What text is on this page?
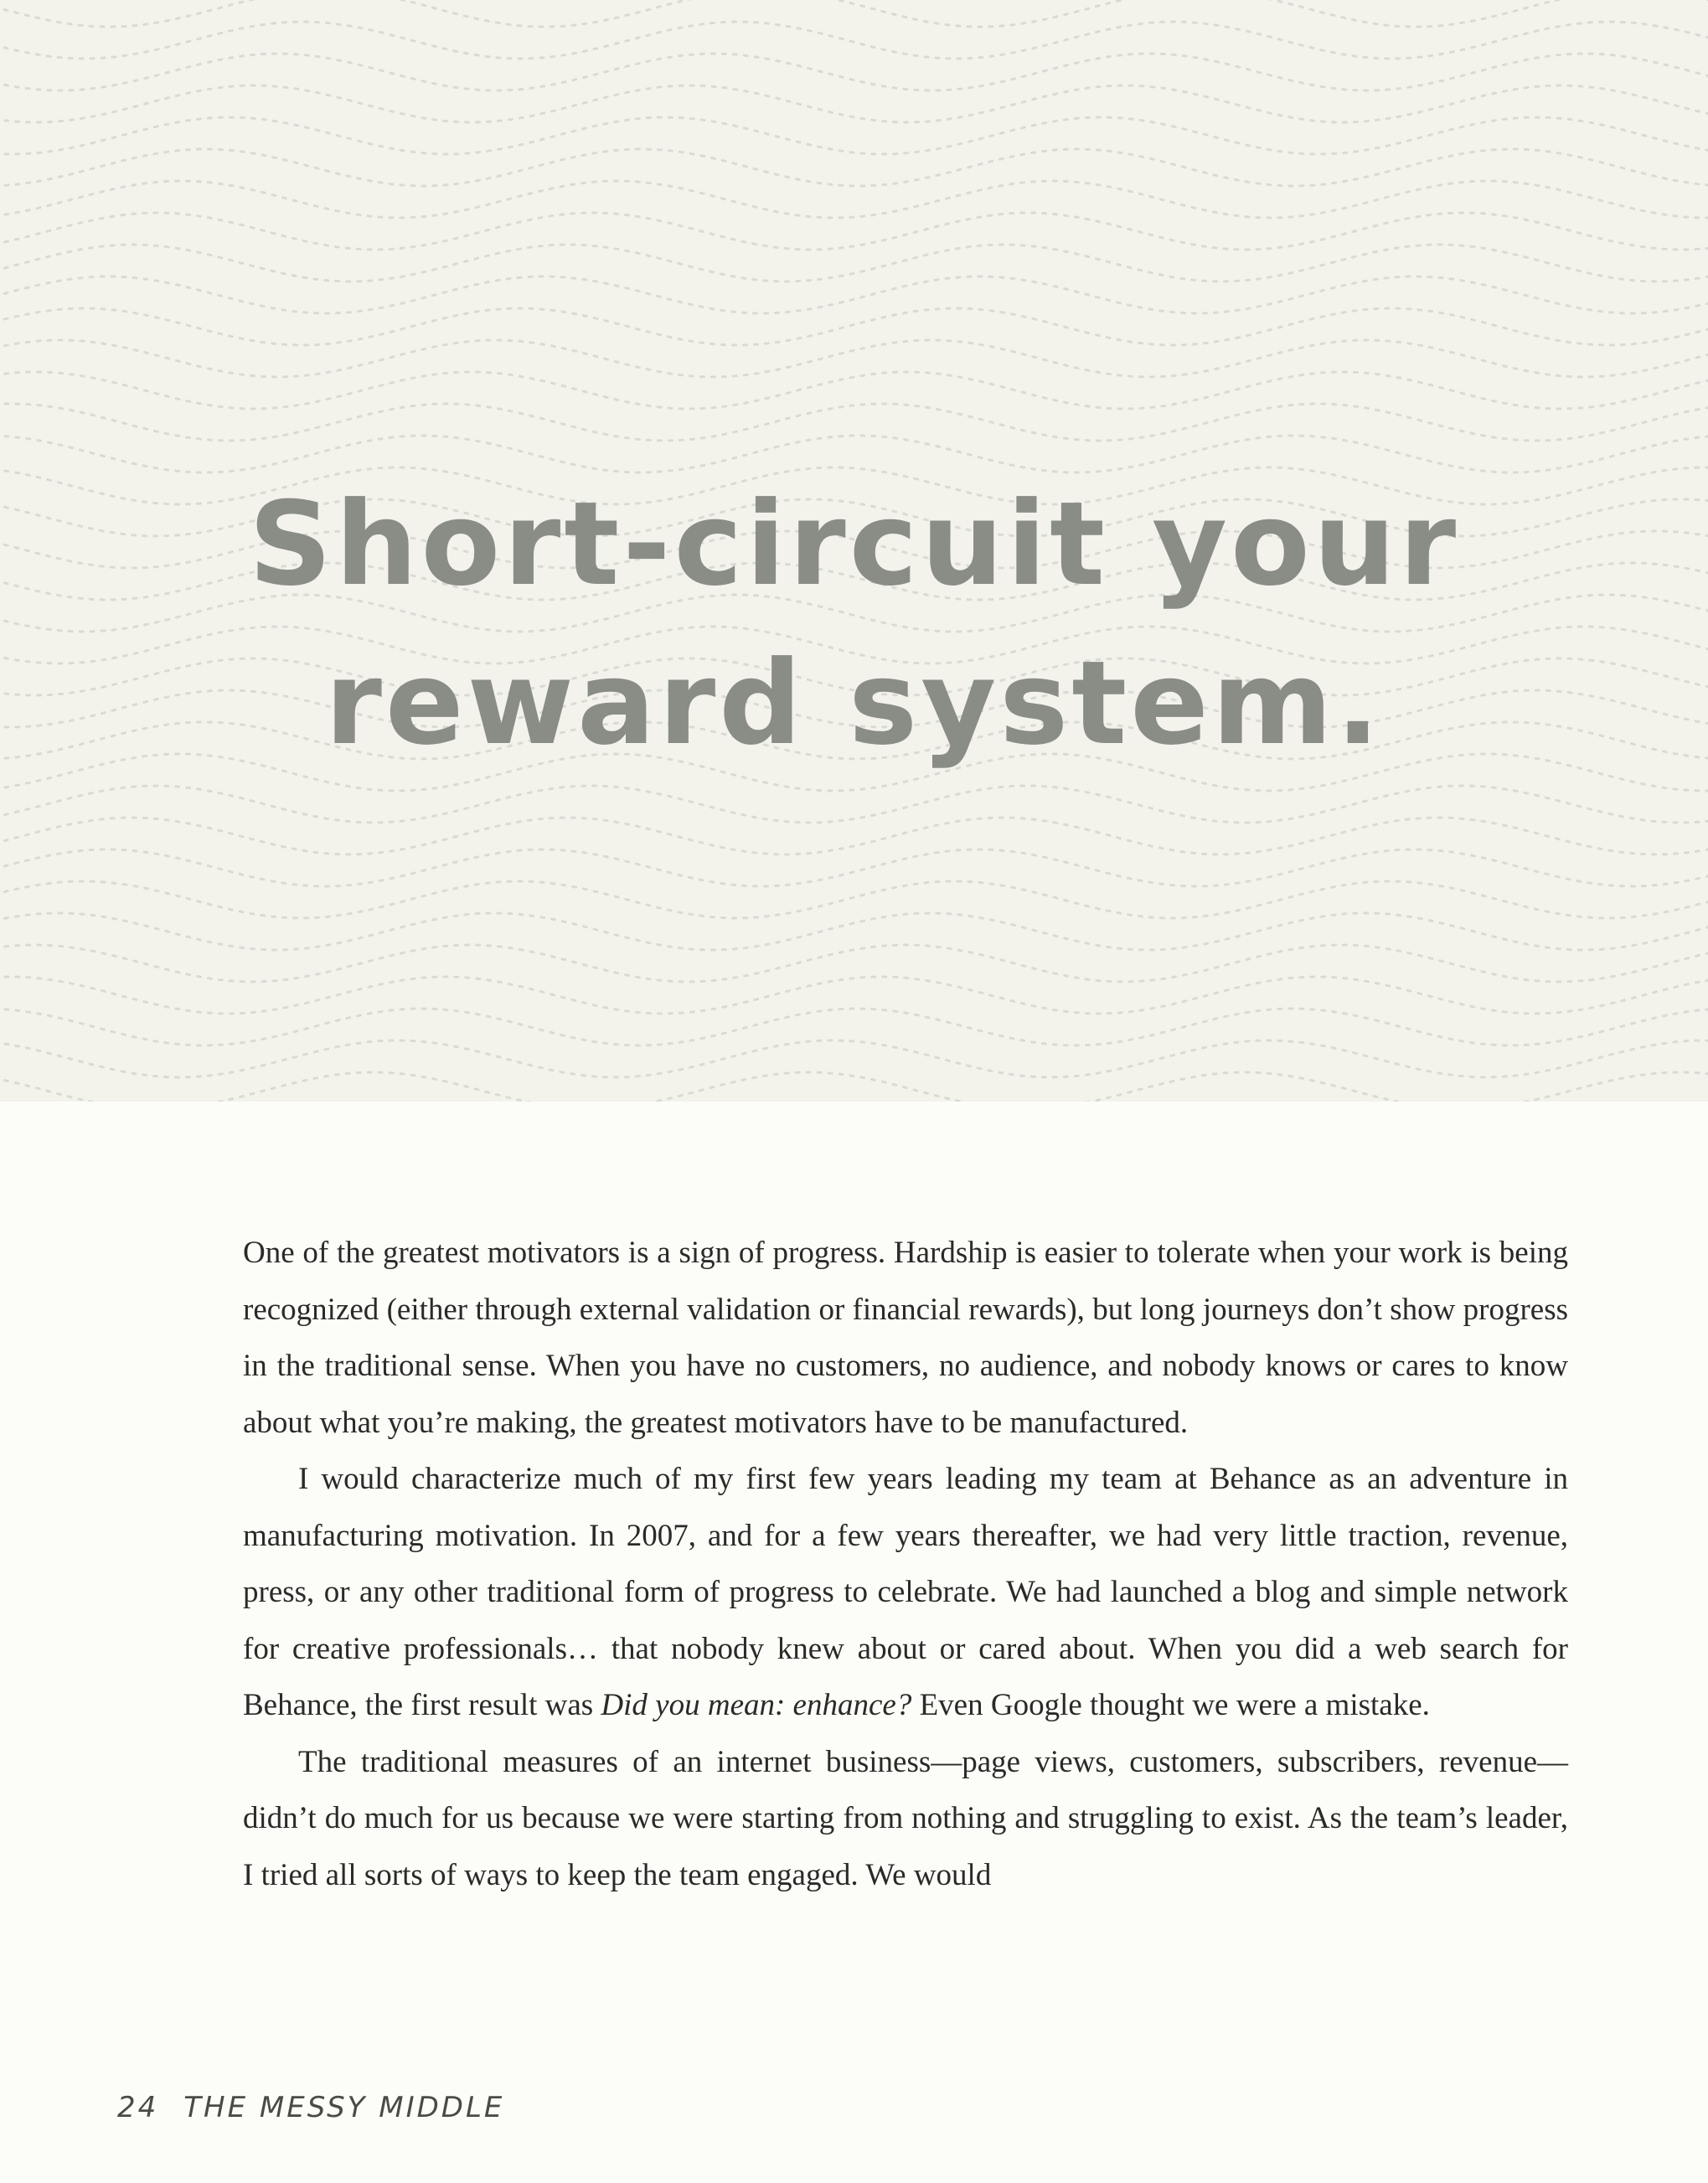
Short-circuit your
reward system.

One of the greatest motivators is a sign of progress. Hardship is easier to tolerate when your work is being recognized (either through external validation or financial rewards), but long journeys don’t show progress in the traditional sense. When you have no customers, no audience, and nobody knows or cares to know about what you’re making, the greatest motivators have to be manufactured.

I would characterize much of my first few years leading my team at Behance as an adventure in manufacturing motivation. In 2007, and for a few years thereafter, we had very little traction, revenue, press, or any other traditional form of progress to celebrate. We had launched a blog and simple network for creative professionals… that nobody knew about or cared about. When you did a web search for Behance, the first result was Did you mean: enhance? Even Google thought we were a mistake.

The traditional measures of an internet business—page views, customers, subscribers, revenue—didn’t do much for us because we were starting from nothing and struggling to exist. As the team’s leader, I tried all sorts of ways to keep the team engaged. We would

24 THE MESSY MIDDLE
